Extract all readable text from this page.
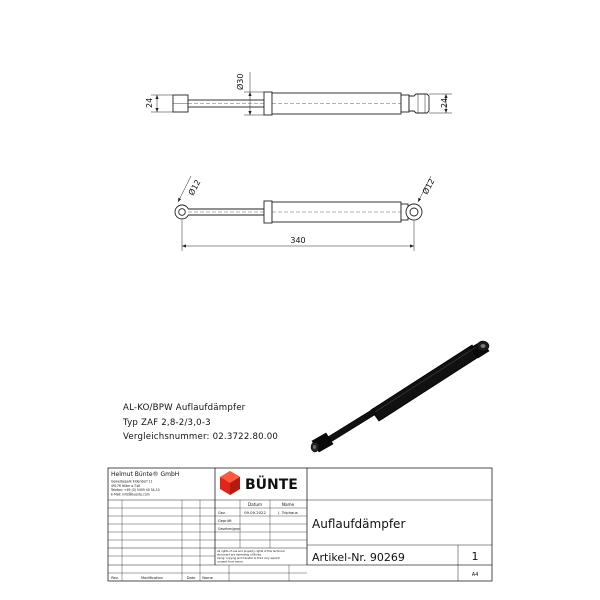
24
Ø30
24
Ø12	Ø12
340
BÜNTE
Helmut Bünte® GmbH
Gewerbepark Eldendorf 11
49176 Hilter a.T.W.
Telefon: +49 (0) 5409 40 34-10
E-Mail: info@buente.com
Datum	Name
Gez.	09.09.2022	J. Triphaus
Geprüft
Gesehen/gepr.
All rights of use and property rights of this technical
document are ownership of Bünte.
Using, copying and transfer to third only explicit
consent from owner.
Auflaufdämpfer
Artikel-Nr. 90269	1
A4
Rev.	Modification	Date Name
AL-KO/BPW Auflaufdämpfer
Typ ZAF 2,8-2/3,0-3
Vergleichsnummer: 02.3722.80.00
